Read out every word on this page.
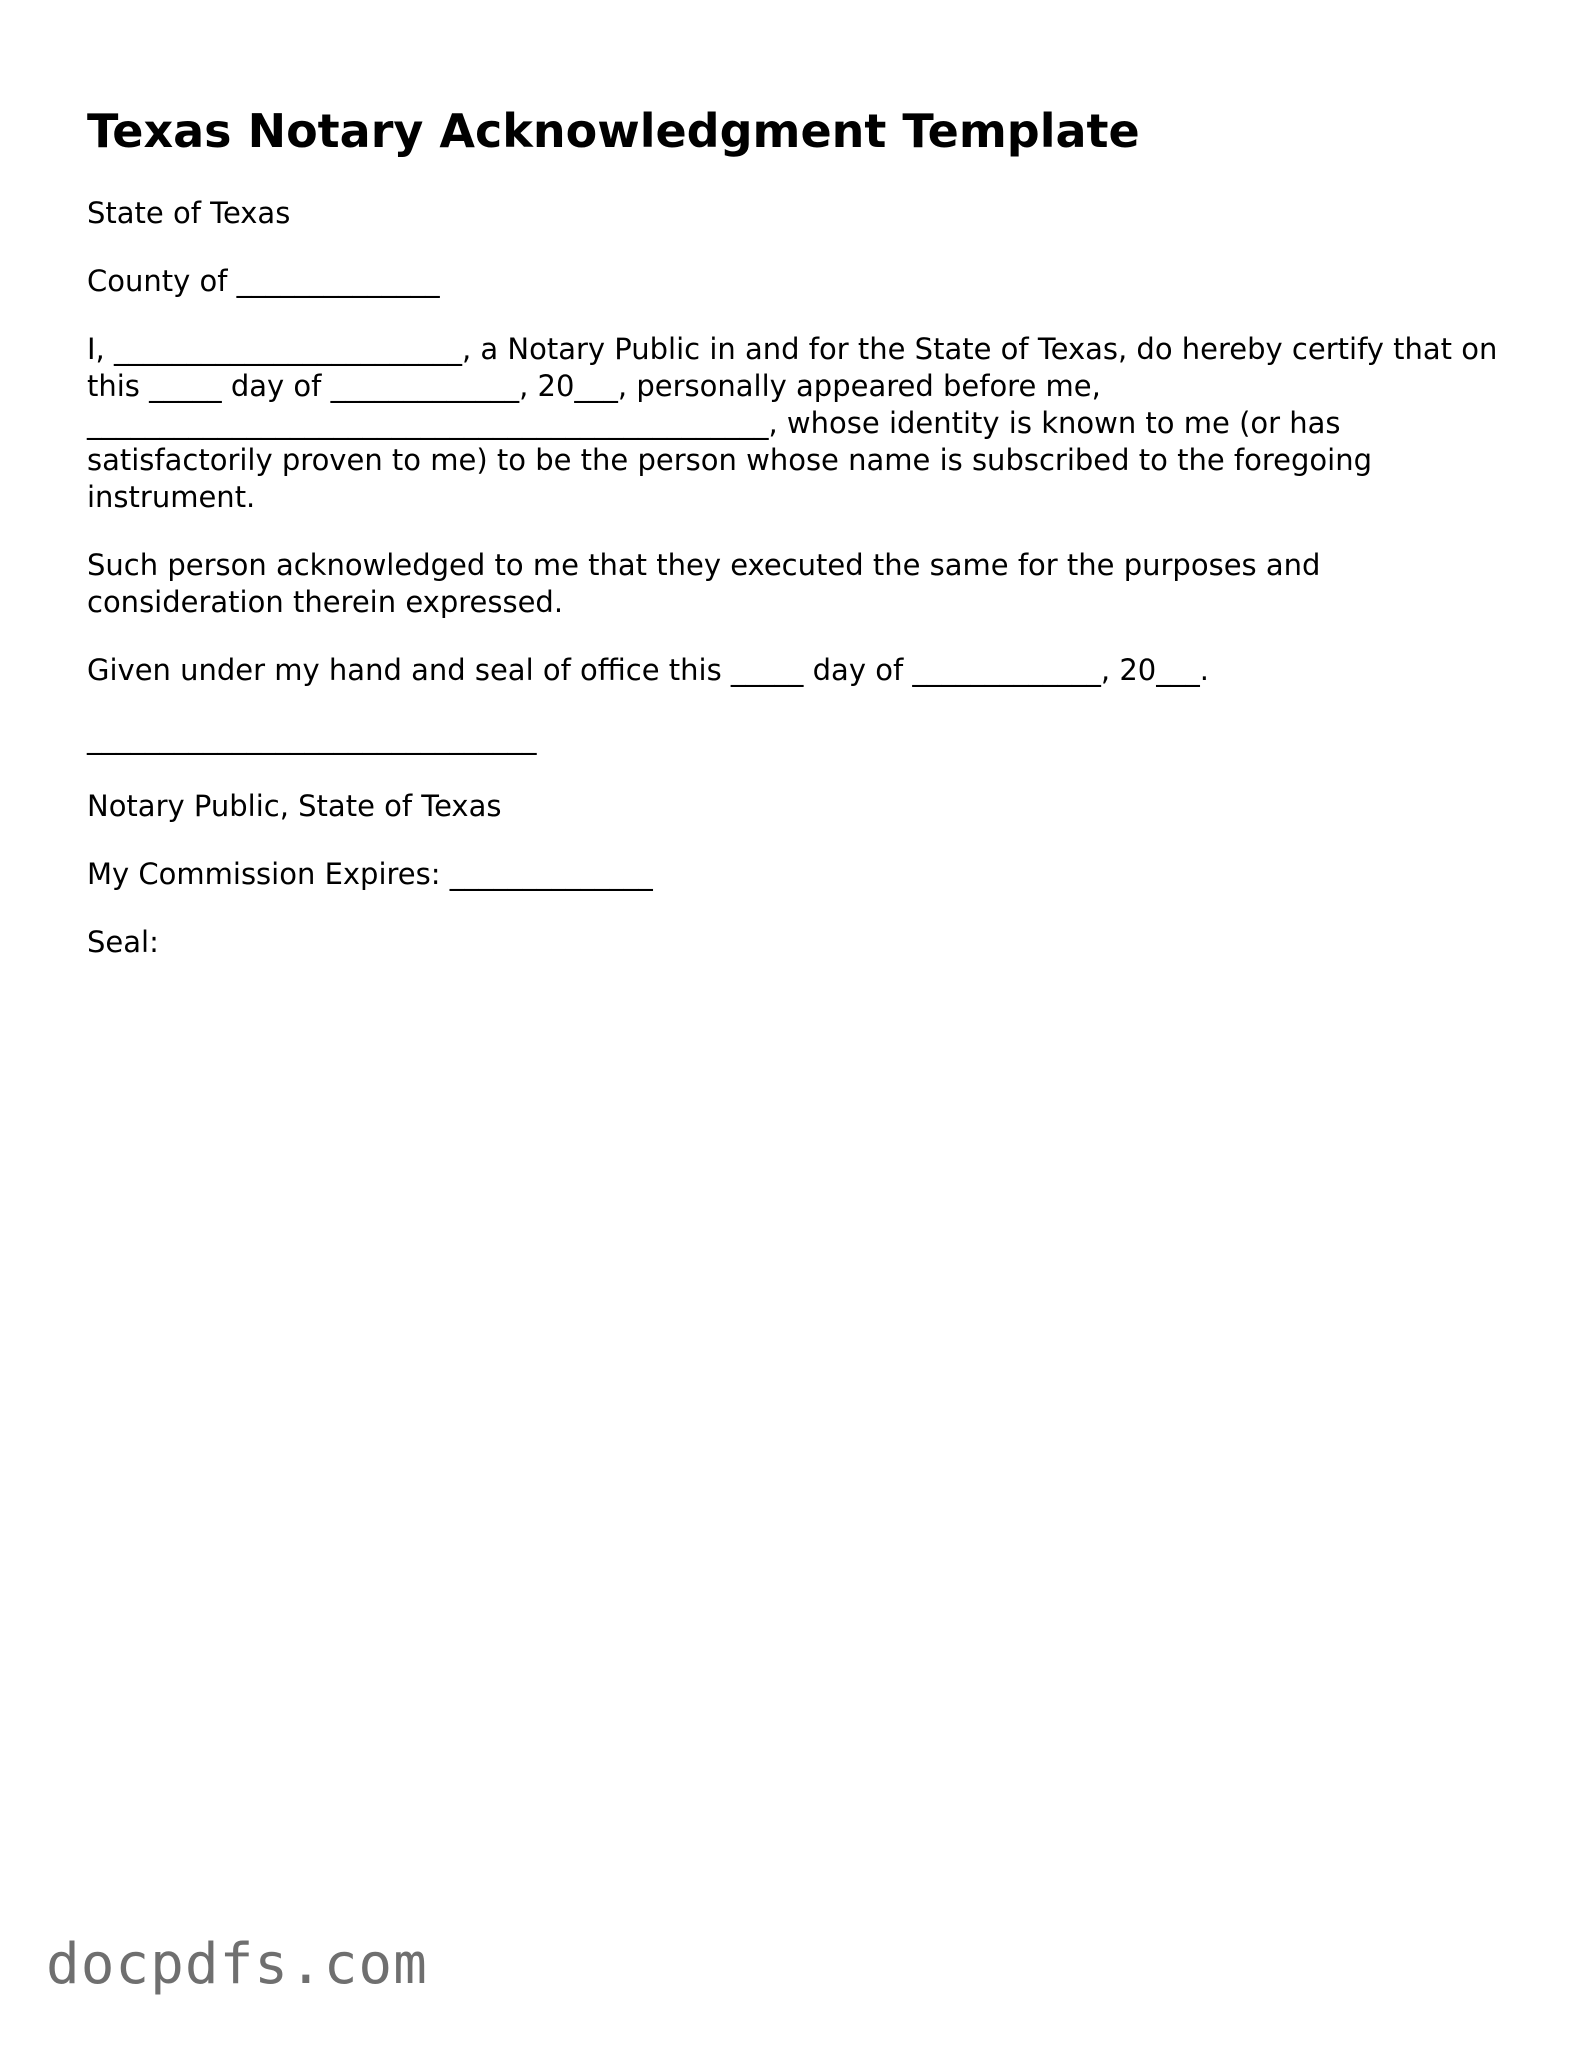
Texas Notary Acknowledgment Template

State of Texas

County of ______________

I, ________________________, a Notary Public in and for the State of Texas, do hereby certify that on this _____ day of _____________, 20___, personally appeared before me, _______________________________________________, whose identity is known to me (or has satisfactorily proven to me) to be the person whose name is subscribed to the foregoing instrument.

Such person acknowledged to me that they executed the same for the purposes and consideration therein expressed.

Given under my hand and seal of office this _____ day of _____________, 20___.

_______________________________

Notary Public, State of Texas

My Commission Expires: ______________

Seal:

docpdfs.com
